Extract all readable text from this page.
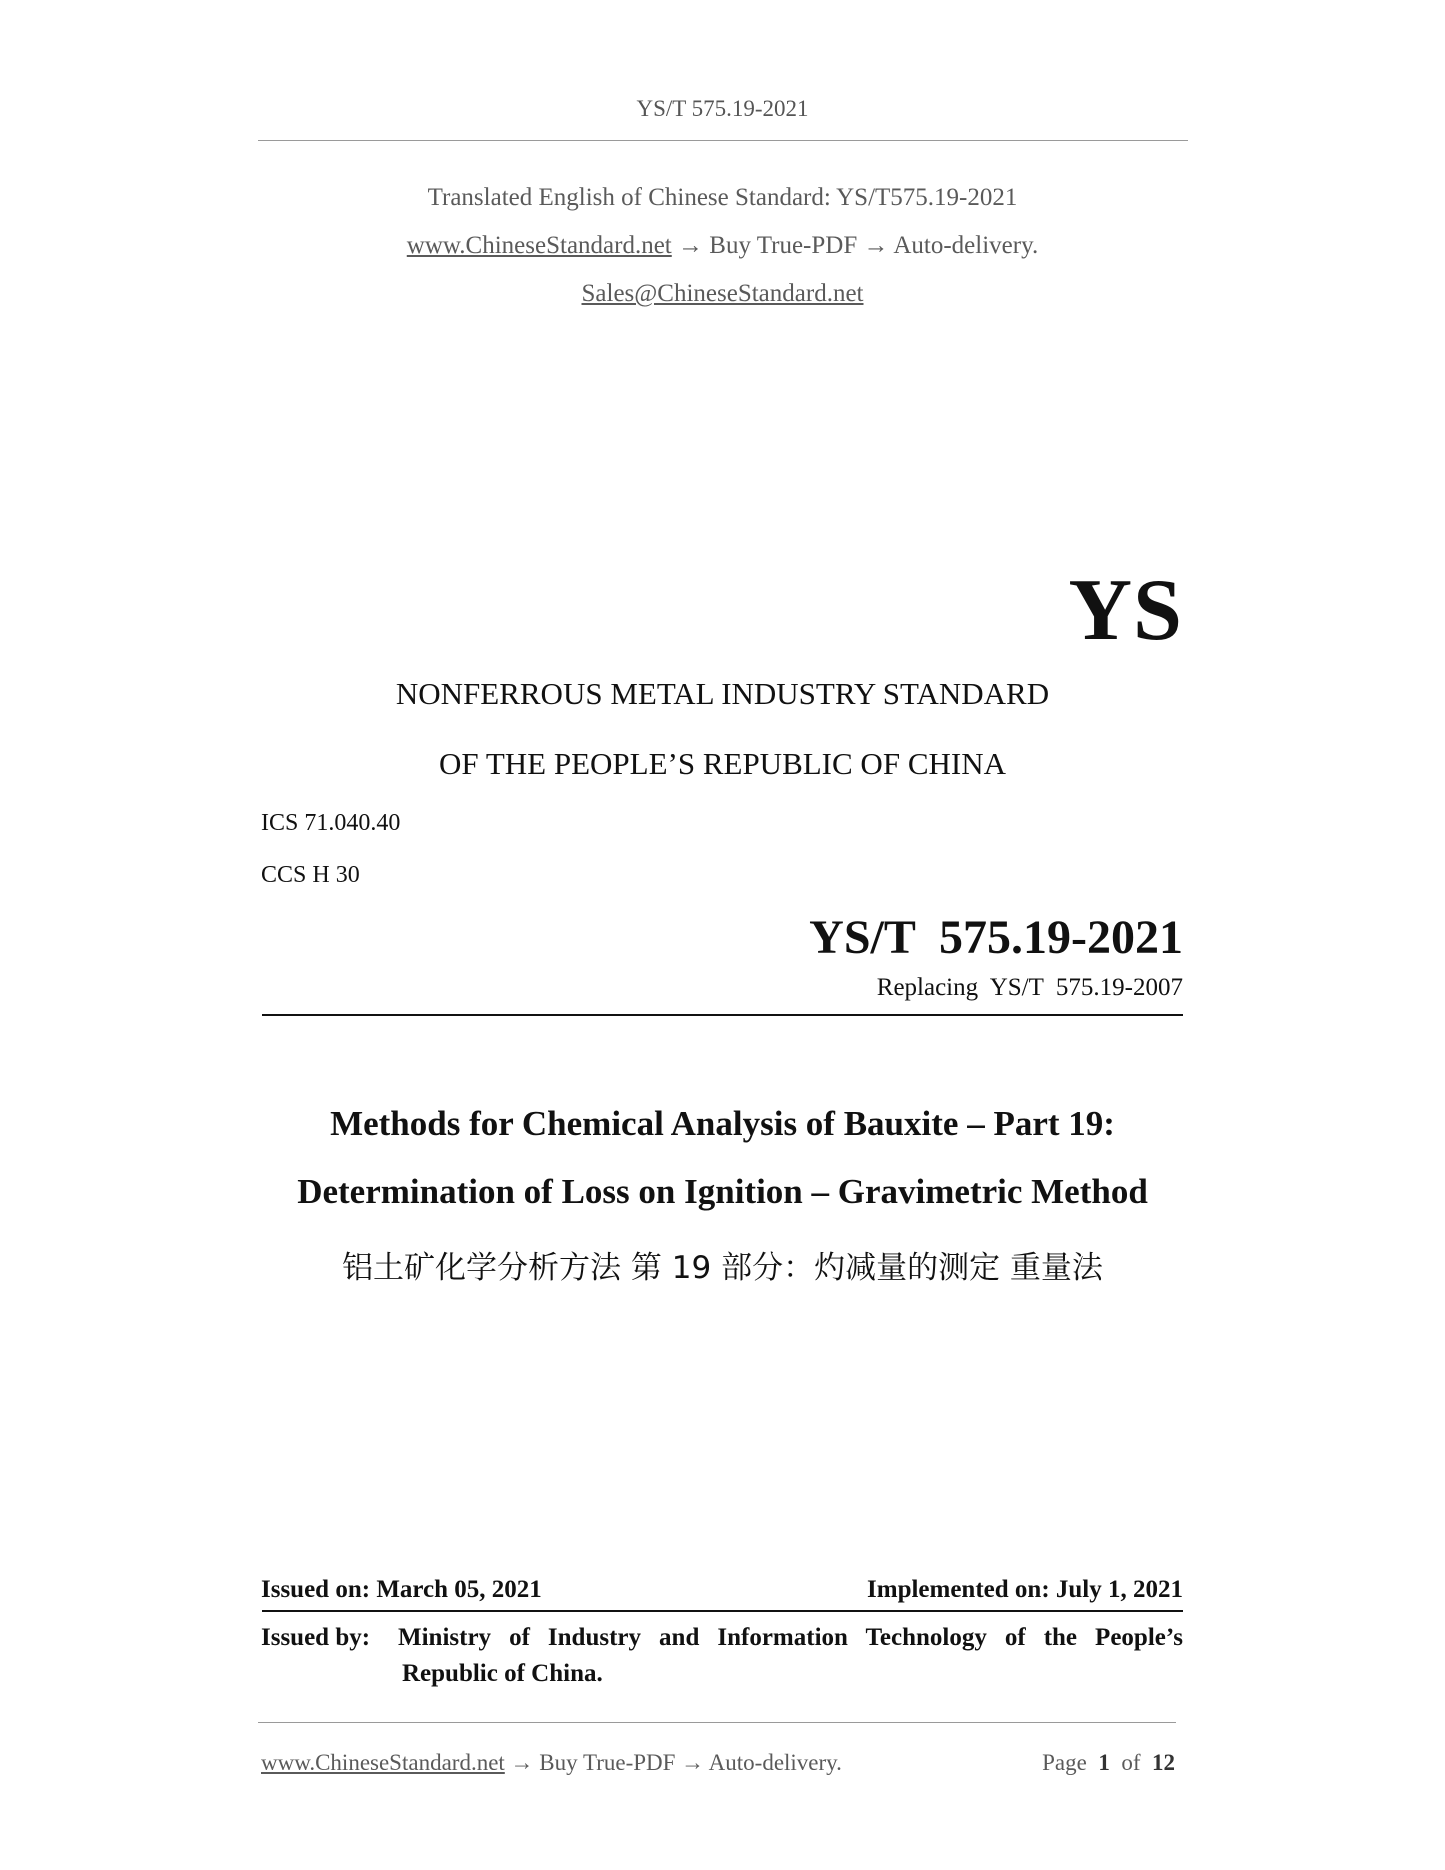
YS/T 575.19-2021
Translated English of Chinese Standard: YS/T575.19-2021
www.ChineseStandard.net → Buy True-PDF → Auto-delivery.
Sales@ChineseStandard.net
YS
NONFERROUS METAL INDUSTRY STANDARD
OF THE PEOPLE’S REPUBLIC OF CHINA
ICS 71.040.40
CCS H 30
YS/T  575.19-2021
Replacing  YS/T  575.19-2007
Methods for Chemical Analysis of Bauxite – Part 19:
Determination of Loss on Ignition – Gravimetric Method
铝土矿化学分析方法 第 19 部分：灼减量的测定 重量法
Issued on: March 05, 2021	Implemented on: July 1, 2021
Issued by: Ministry of Industry and Information Technology of the People’s
Republic of China.
www.ChineseStandard.net → Buy True-PDF → Auto-delivery.	Page 1 of 12
